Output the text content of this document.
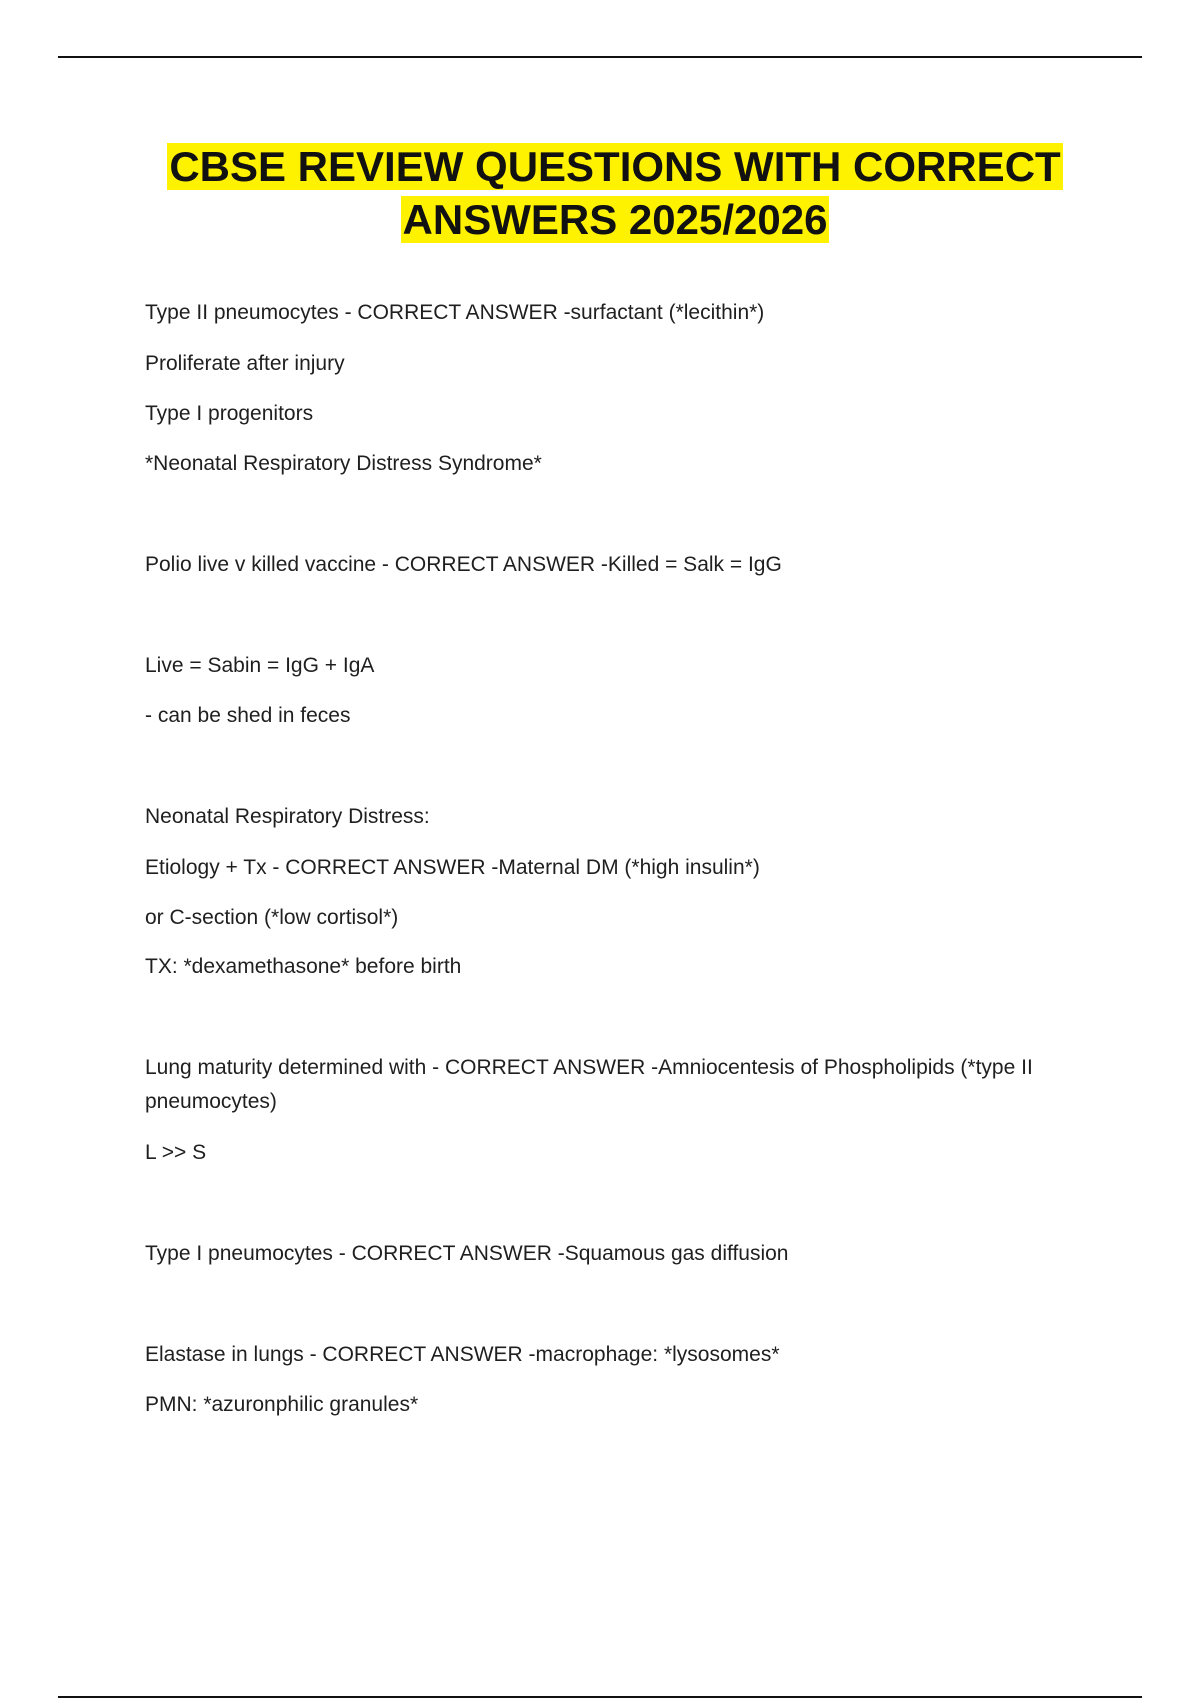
CBSE REVIEW QUESTIONS WITH CORRECT
ANSWERS 2025/2026

Type II pneumocytes - CORRECT ANSWER -surfactant (*lecithin*)

Proliferate after injury

Type I progenitors

*Neonatal Respiratory Distress Syndrome*

Polio live v killed vaccine - CORRECT ANSWER -Killed = Salk = IgG

Live = Sabin = IgG + IgA

- can be shed in feces

Neonatal Respiratory Distress:

Etiology + Tx - CORRECT ANSWER -Maternal DM (*high insulin*)

or C-section (*low cortisol*)

TX: *dexamethasone* before birth

Lung maturity determined with - CORRECT ANSWER -Amniocentesis of Phospholipids (*type II pneumocytes)

L >> S

Type I pneumocytes - CORRECT ANSWER -Squamous gas diffusion

Elastase in lungs - CORRECT ANSWER -macrophage: *lysosomes*

PMN: *azuronphilic granules*
